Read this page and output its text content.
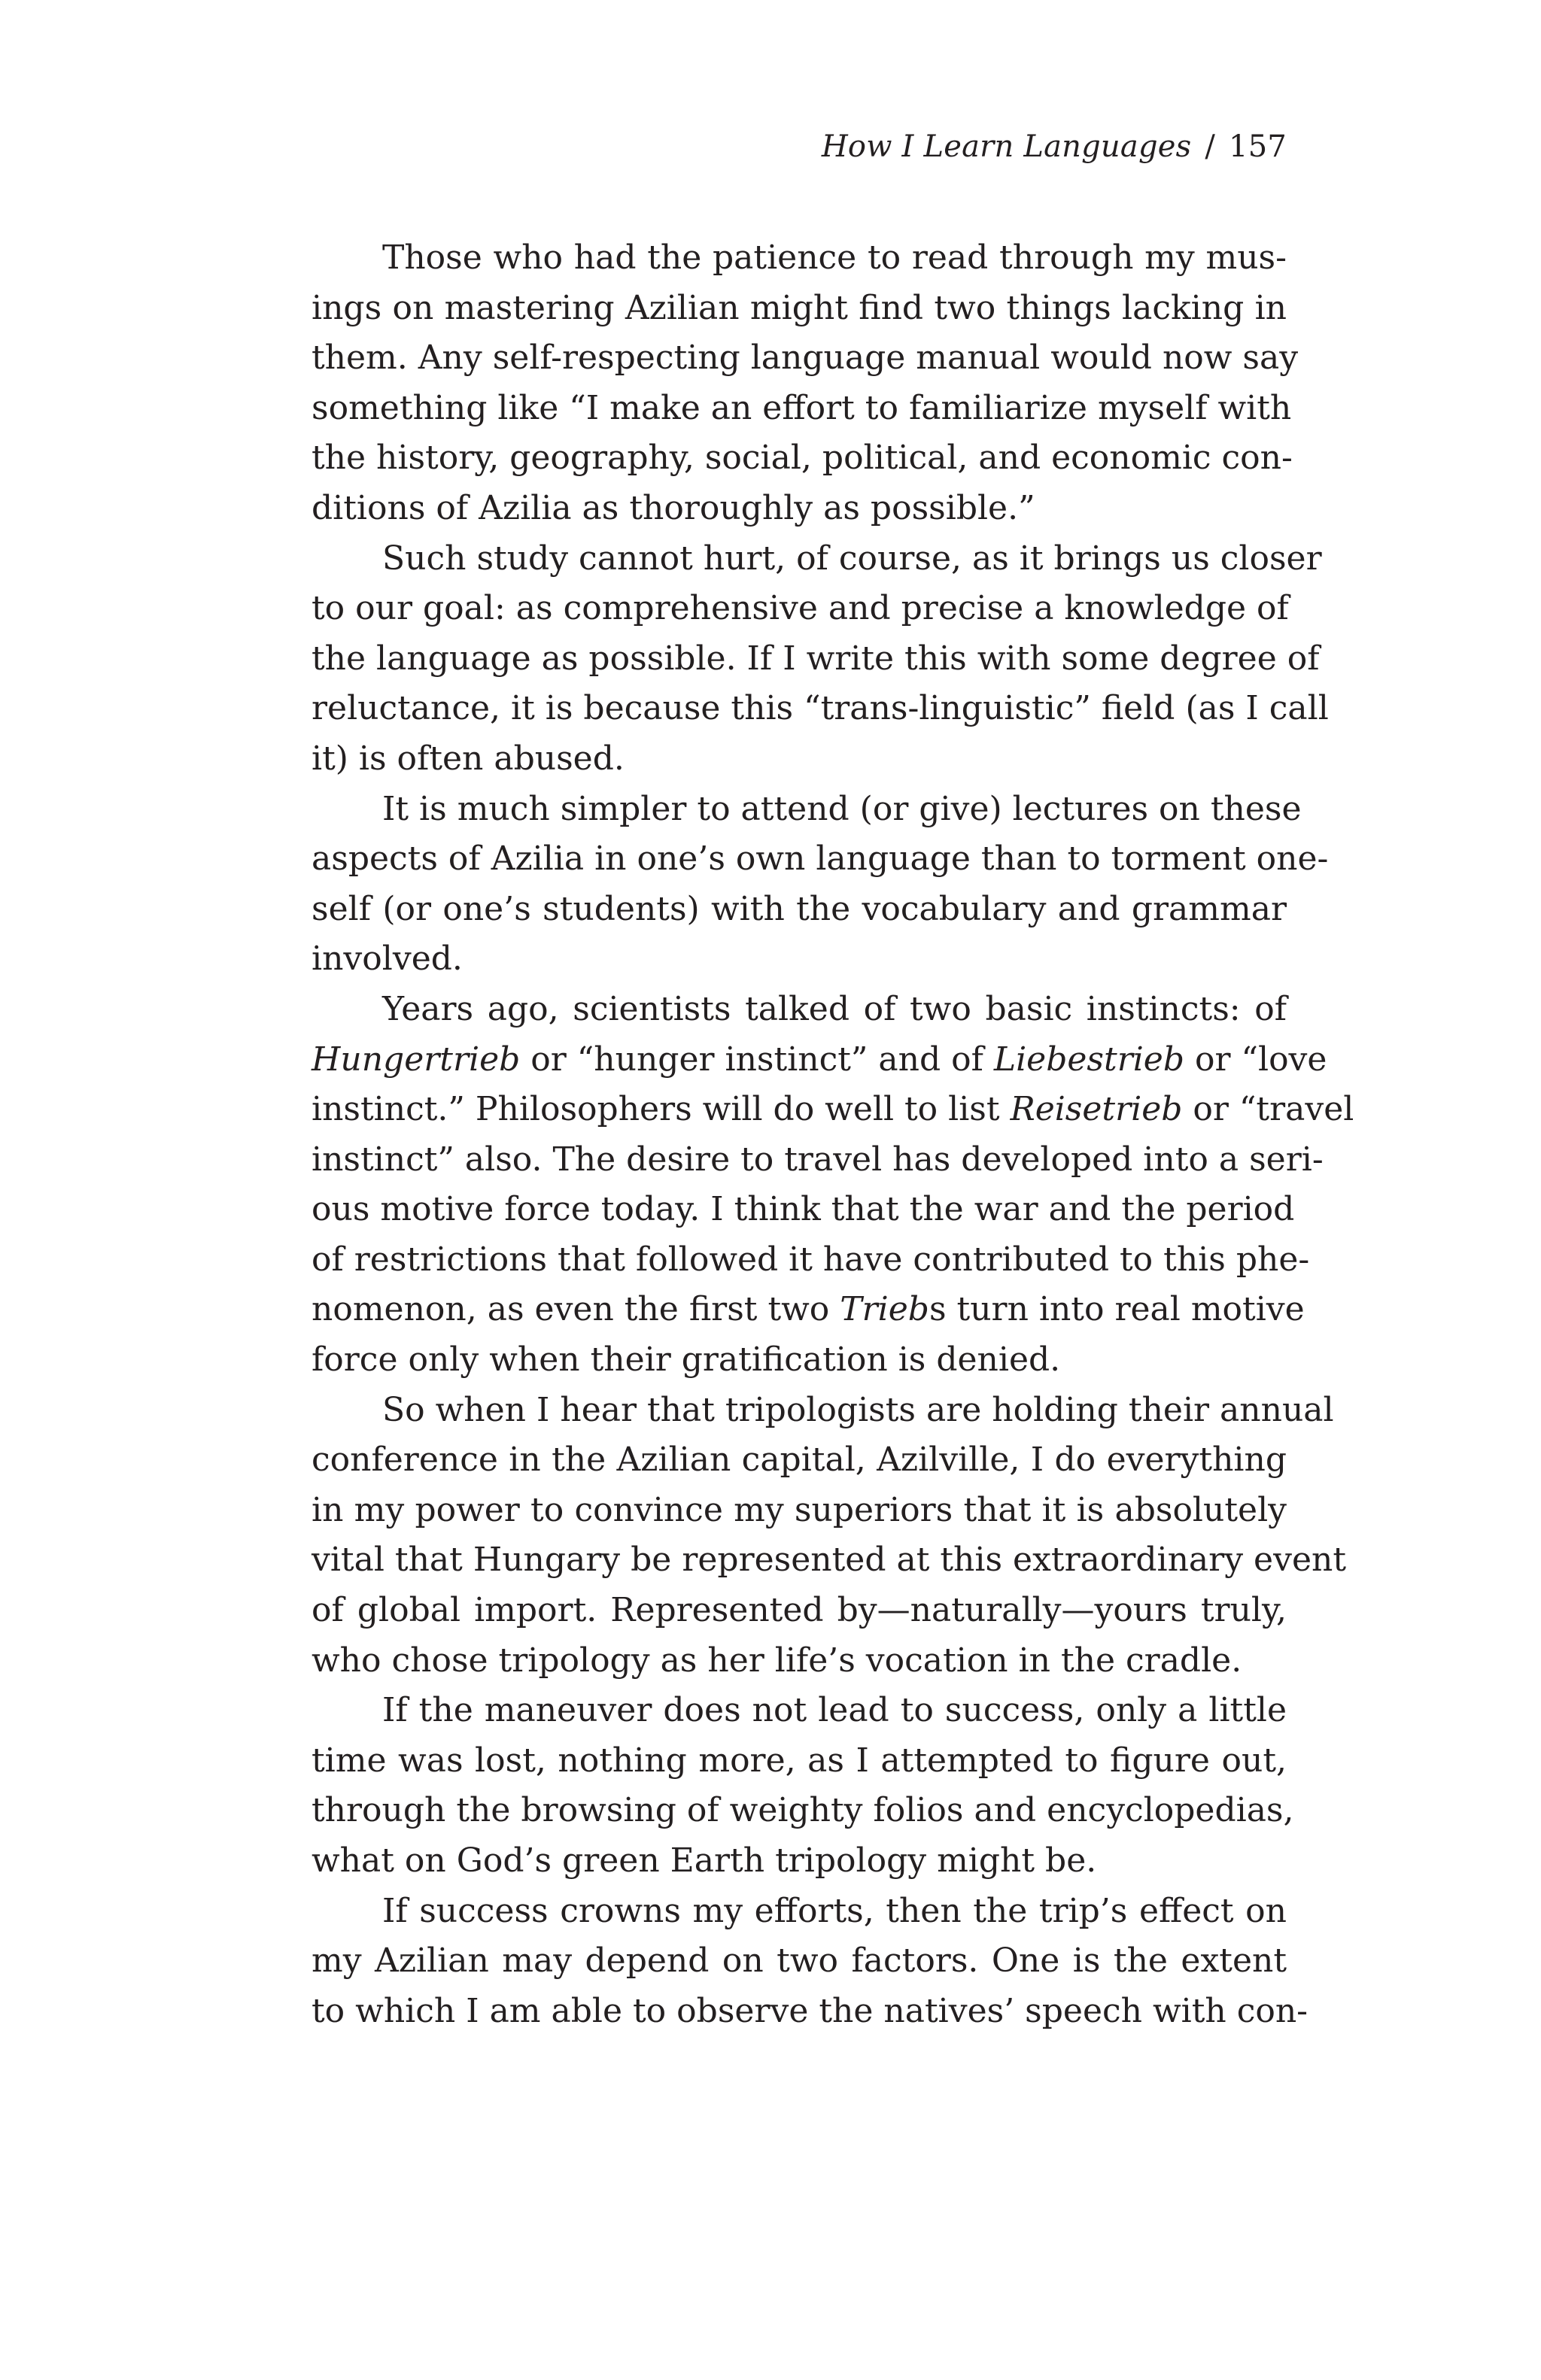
How I Learn Languages / 157
Those who had the patience to read through my mus-
ings on mastering Azilian might find two things lacking in
them. Any self-respecting language manual would now say
something like “I make an effort to familiarize myself with
the history, geography, social, political, and economic con-
ditions of Azilia as thoroughly as possible.”
Such study cannot hurt, of course, as it brings us closer
to our goal: as comprehensive and precise a knowledge of
the language as possible. If I write this with some degree of
reluctance, it is because this “trans-linguistic” field (as I call
it) is often abused.
It is much simpler to attend (or give) lectures on these
aspects of Azilia in one’s own language than to torment one-
self (or one’s students) with the vocabulary and grammar
involved.
Years ago, scientists talked of two basic instincts: of
Hungertrieb or “hunger instinct” and of Liebestrieb or “love
instinct.” Philosophers will do well to list Reisetrieb or “travel
instinct” also. The desire to travel has developed into a seri-
ous motive force today. I think that the war and the period
of restrictions that followed it have contributed to this phe-
nomenon, as even the first two Triebs turn into real motive
force only when their gratification is denied.
So when I hear that tripologists are holding their annual
conference in the Azilian capital, Azilville, I do everything
in my power to convince my superiors that it is absolutely
vital that Hungary be represented at this extraordinary event
of global import. Represented by—naturally—yours truly,
who chose tripology as her life’s vocation in the cradle.
If the maneuver does not lead to success, only a little
time was lost, nothing more, as I attempted to figure out,
through the browsing of weighty folios and encyclopedias,
what on God’s green Earth tripology might be.
If success crowns my efforts, then the trip’s effect on
my Azilian may depend on two factors. One is the extent
to which I am able to observe the natives’ speech with con-
